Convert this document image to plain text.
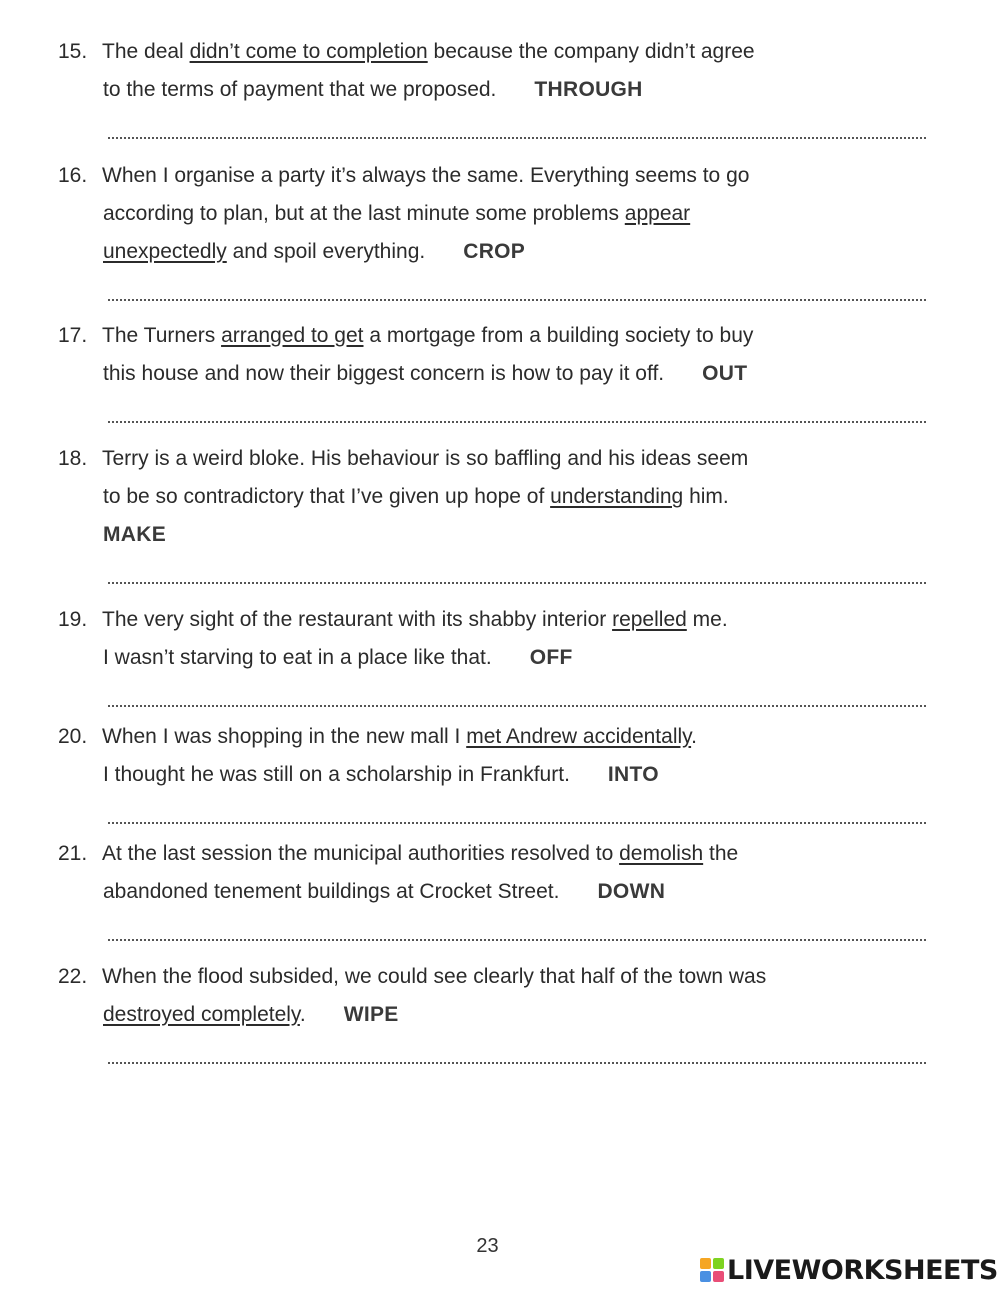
15. The deal didn’t come to completion because the company didn’t agree
to the terms of payment that we proposed. THROUGH
16. When I organise a party it’s always the same. Everything seems to go
according to plan, but at the last minute some problems appear
unexpectedly and spoil everything. CROP
17. The Turners arranged to get a mortgage from a building society to buy
this house and now their biggest concern is how to pay it off. OUT
18. Terry is a weird bloke. His behaviour is so baffling and his ideas seem
to be so contradictory that I’ve given up hope of understanding him.
MAKE
19. The very sight of the restaurant with its shabby interior repelled me.
I wasn’t starving to eat in a place like that. OFF
20. When I was shopping in the new mall I met Andrew accidentally.
I thought he was still on a scholarship in Frankfurt. INTO
21. At the last session the municipal authorities resolved to demolish the
abandoned tenement buildings at Crocket Street. DOWN
22. When the flood subsided, we could see clearly that half of the town was
destroyed completely. WIPE
23
LIVEWORKSHEETS
